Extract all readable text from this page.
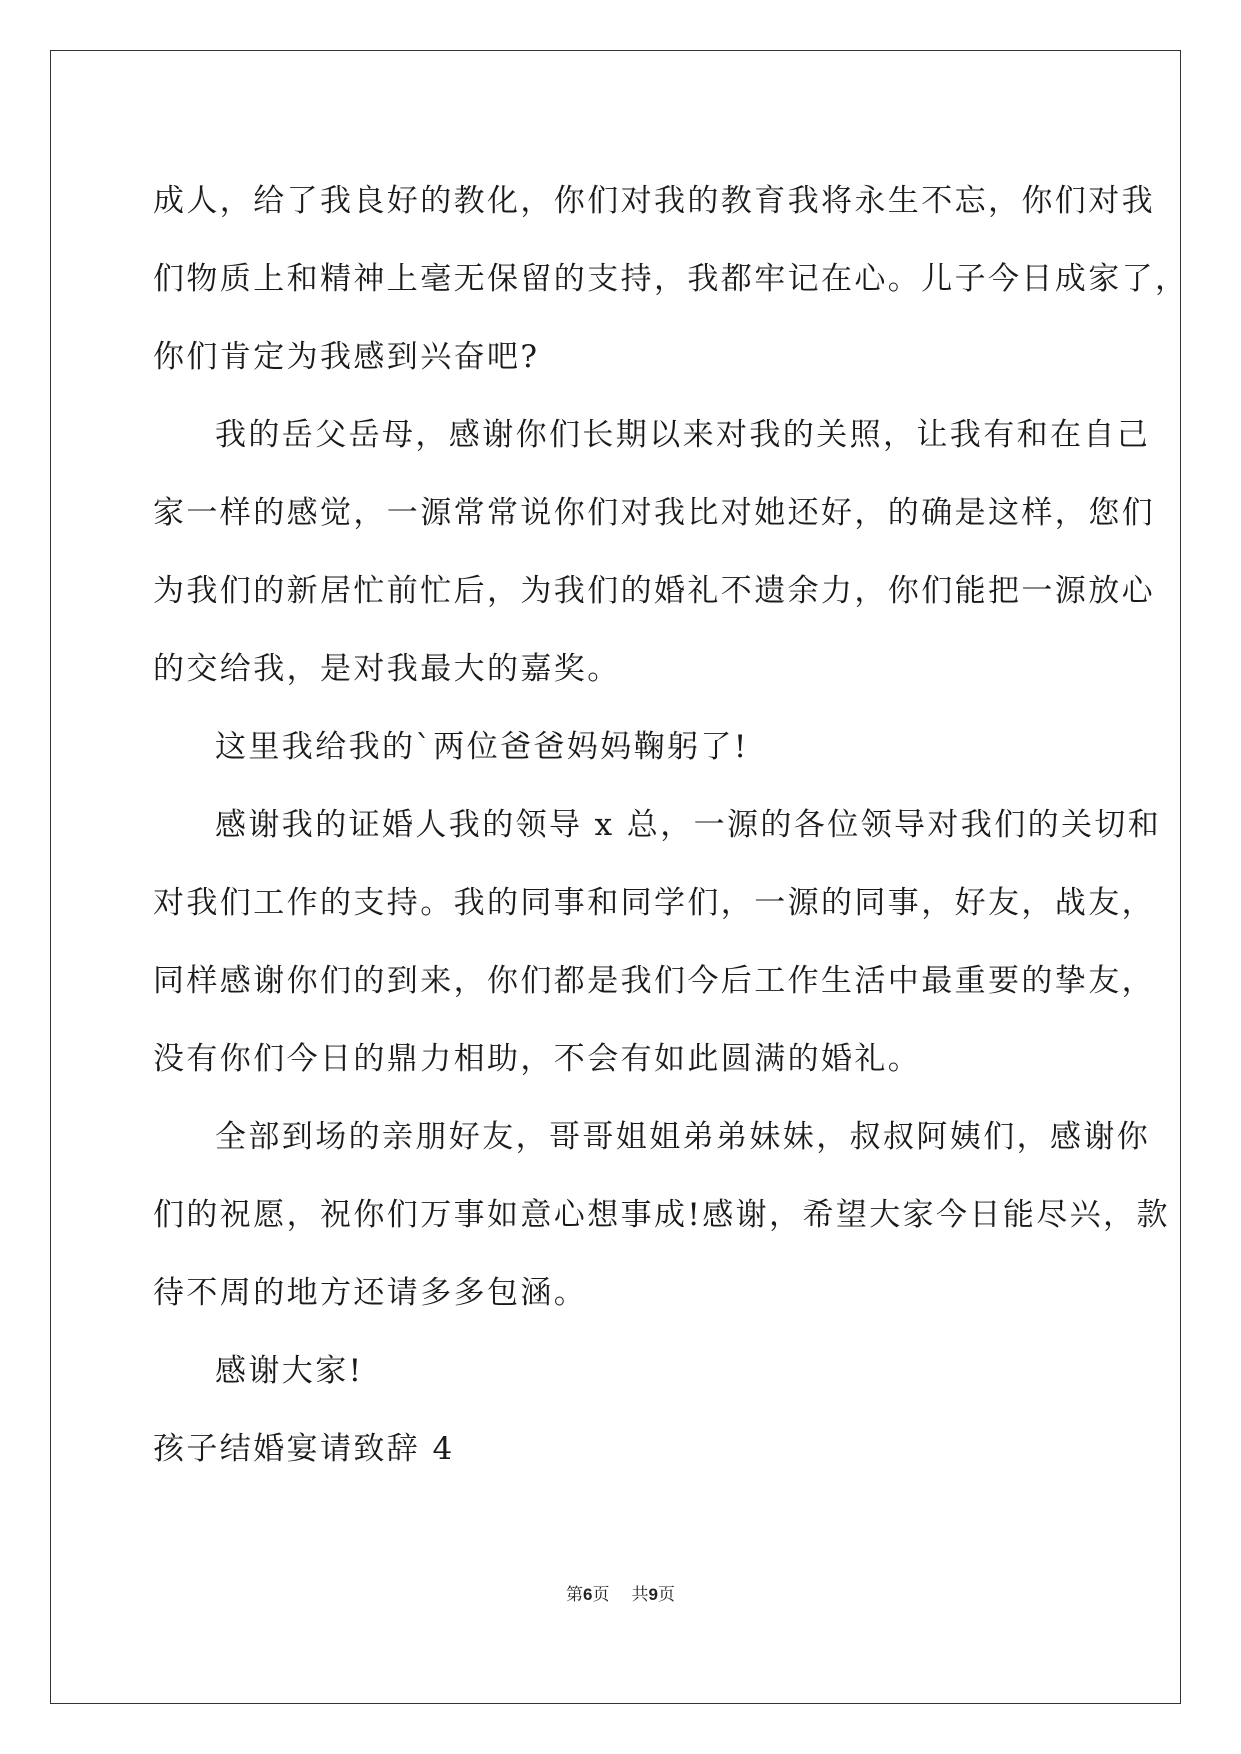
成人，给了我良好的教化，你们对我的教育我将永生不忘，你们对我

们物质上和精神上毫无保留的支持，我都牢记在心。儿子今日成家了，

你们肯定为我感到兴奋吧?

我的岳父岳母，感谢你们长期以来对我的关照，让我有和在自己

家一样的感觉，一源常常说你们对我比对她还好，的确是这样，您们

为我们的新居忙前忙后，为我们的婚礼不遗余力，你们能把一源放心

的交给我，是对我最大的嘉奖。

这里我给我的`两位爸爸妈妈鞠躬了!

感谢我的证婚人我的领导 x 总，一源的各位领导对我们的关切和

对我们工作的支持。我的同事和同学们，一源的同事，好友，战友，

同样感谢你们的到来，你们都是我们今后工作生活中最重要的挚友，

没有你们今日的鼎力相助，不会有如此圆满的婚礼。

全部到场的亲朋好友，哥哥姐姐弟弟妹妹，叔叔阿姨们，感谢你

们的祝愿，祝你们万事如意心想事成!感谢，希望大家今日能尽兴，款

待不周的地方还请多多包涵。

感谢大家!

孩子结婚宴请致辞 4

第6页 共9页
